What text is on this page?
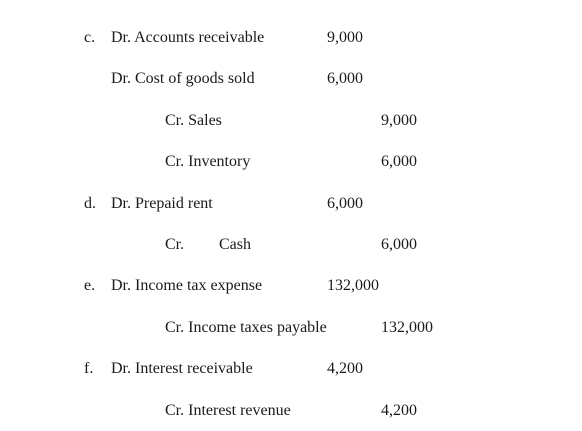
c. Dr. Accounts receivable	9,000
Dr. Cost of goods sold	6,000
Cr. Sales	9,000
Cr. Inventory	6,000
d. Dr. Prepaid rent	6,000
Cr. Cash	6,000
e. Dr. Income tax expense	132,000
Cr. Income taxes payable	132,000
f. Dr. Interest receivable	4,200
Cr. Interest revenue	4,200
